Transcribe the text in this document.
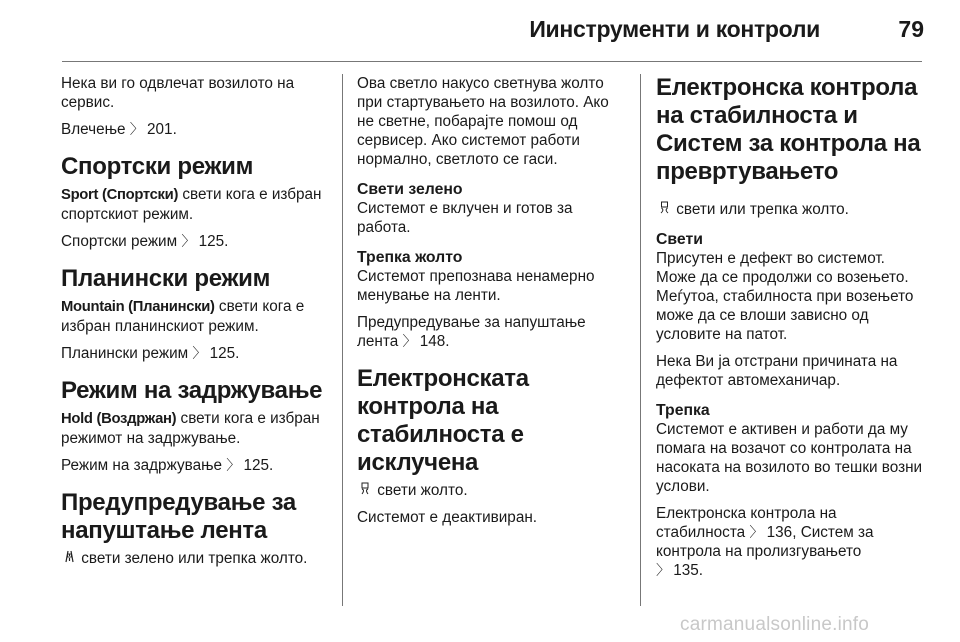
Иинструменти и контроли	79

Нека ви го одвлечат возилото на сервис.

Влечење 〉 201.

Спортски режим

Sport (Спортски) свети кога е избран спортскиот режим.

Спортски режим 〉 125.

Планински режим

Mountain (Планински) свети кога е избран планинскиот режим.

Планински режим 〉 125.

Режим на задржување

Hold (Воздржан) свети кога е избран режимот на задржување.

Режим на задржување 〉 125.

Предупредување за напуштање лента

свети зелено или трепка жолто.

Ова светло накусо светнува жолто при стартувањето на возилото. Ако не светне, побарајте помош од сервисер. Ако системот работи нормално, светлото се гаси.

Свети зелено

Системот е вклучен и готов за работа.

Трепка жолто

Системот препознава ненамерно менување на ленти.

Предупредување за напуштање лента 〉 148.

Електронската контрола на стабилноста е исклучена

свети жолто.

Системот е деактивиран.

Електронска контрола на стабилноста и Систем за контрола на превртувањето

свети или трепка жолто.

Свети

Присутен е дефект во системот. Може да се продолжи со возењето. Меѓутоа, стабилноста при возењето може да се влоши зависно од условите на патот.

Нека Ви ја отстрани причината на дефектот автомеханичар.

Трепка

Системот е активен и работи да му помага на возачот со контролата на насоката на возилото во тешки возни услови.

Електронска контрола на стабилноста 〉 136, Систем за контрола на пролизгувањето
〉 135.

carmanualsonline.info
